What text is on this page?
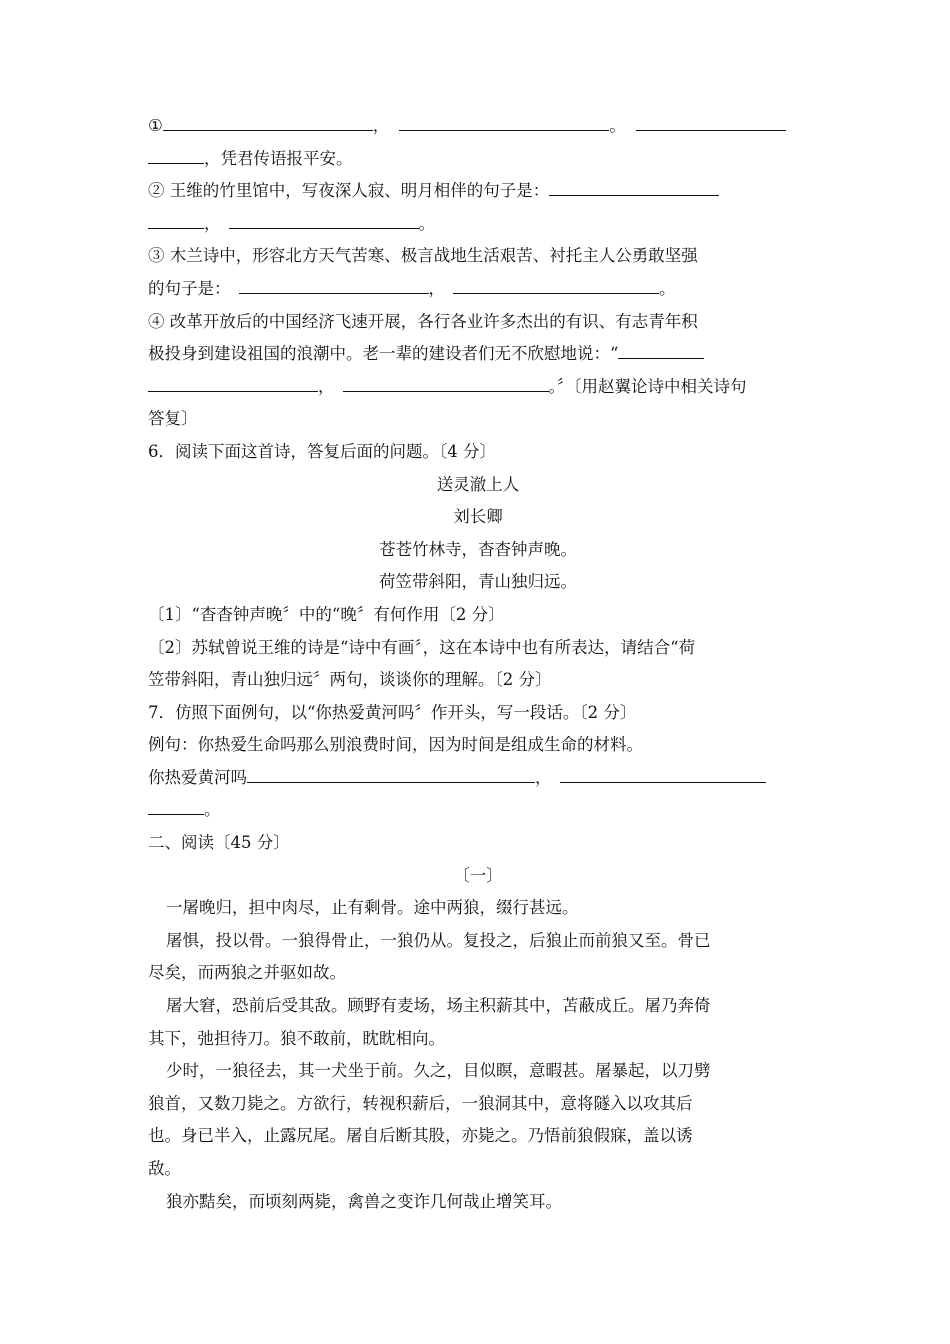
①	，	。
，凭君传语报平安。
② 王维的竹里馆中，写夜深人寂、明月相伴的句子是：
，	。
③ 木兰诗中，形容北方天气苦寒、极言战地生活艰苦、衬托主人公勇敢坚强
的句子是：	，	。
④ 改革开放后的中国经济飞速开展，各行各业许多杰出的有识、有志青年积
极投身到建设祖国的浪潮中。老一辈的建设者们无不欣慰地说：“
，	。〞〔用赵翼论诗中相关诗句
答复〕
6．阅读下面这首诗，答复后面的问题。〔4 分〕
送灵澈上人
刘长卿
苍苍竹林寺，杳杳钟声晚。
荷笠带斜阳，青山独归远。
〔1〕“杳杳钟声晚〞中的“晚〞有何作用〔2 分〕
〔2〕苏轼曾说王维的诗是“诗中有画〞，这在本诗中也有所表达，请结合“荷
笠带斜阳，青山独归远〞两句，谈谈你的理解。〔2 分〕
7．仿照下面例句，以“你热爱黄河吗〞作开头，写一段话。〔2 分〕
例句：你热爱生命吗那么别浪费时间，因为时间是组成生命的材料。
你热爱黄河吗	，
。
二、阅读〔45 分〕
〔一〕
一屠晚归，担中肉尽，止有剩骨。途中两狼，缀行甚远。
屠惧，投以骨。一狼得骨止，一狼仍从。复投之，后狼止而前狼又至。骨已
尽矣，而两狼之并驱如故。
屠大窘，恐前后受其敌。顾野有麦场，场主积薪其中，苫蔽成丘。屠乃奔倚
其下，弛担待刀。狼不敢前，眈眈相向。
少时，一狼径去，其一犬坐于前。久之，目似瞑，意暇甚。屠暴起，以刀劈
狼首，又数刀毙之。方欲行，转视积薪后，一狼洞其中，意将隧入以攻其后
也。身已半入，止露尻尾。屠自后断其股，亦毙之。乃悟前狼假寐，盖以诱
敌。
狼亦黠矣，而顷刻两毙，禽兽之变诈几何哉止增笑耳。
